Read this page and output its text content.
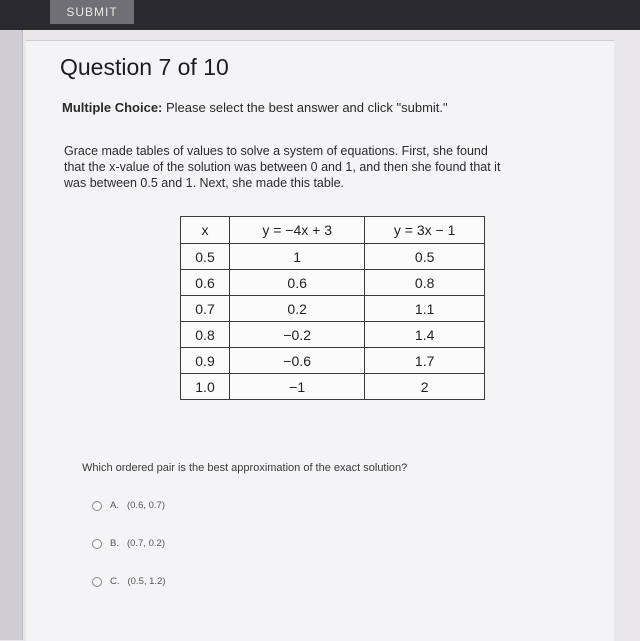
SUBMIT
Question 7 of 10
Multiple Choice: Please select the best answer and click "submit."
Grace made tables of values to solve a system of equations. First, she found
that the x-value of the solution was between 0 and 1, and then she found that it
was between 0.5 and 1. Next, she made this table.
x	y = −4x + 3	y = 3x − 1
0.5	1	0.5
0.6	0.6	0.8
0.7	0.2	1.1
0.8	−0.2	1.4
0.9	−0.6	1.7
1.0	−1	2
Which ordered pair is the best approximation of the exact solution?
A. (0.6, 0.7)
B. (0.7, 0.2)
C. (0.5, 1.2)
